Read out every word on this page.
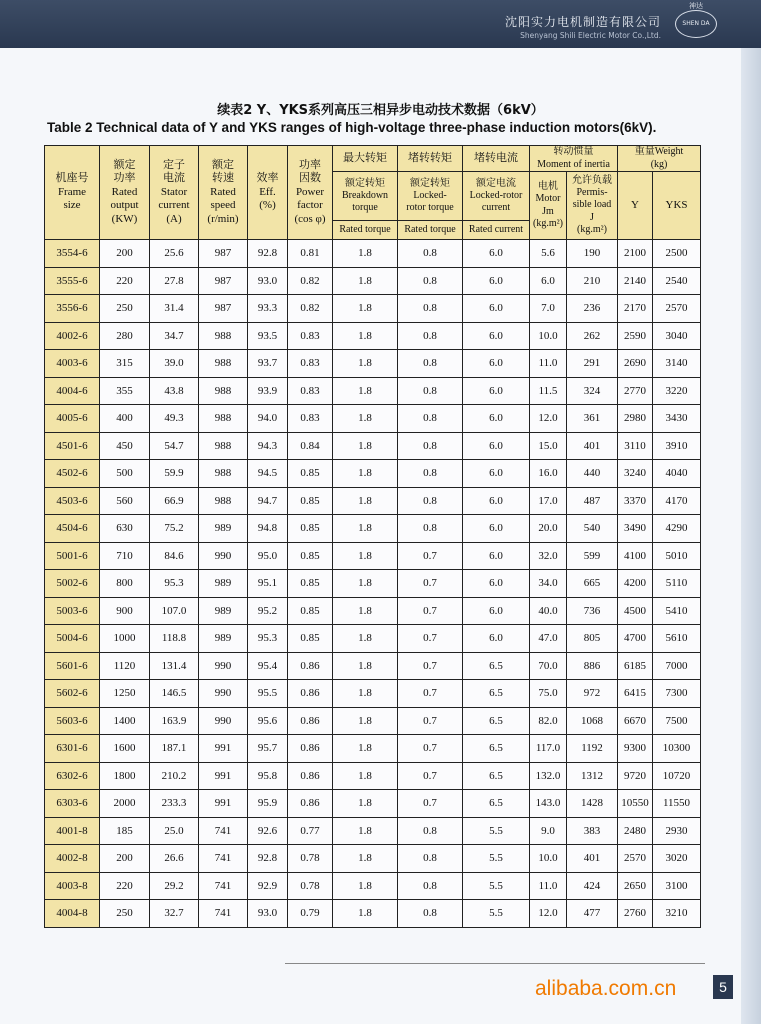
沈阳实力电机制造有限公司
Shenyang Shili Electric Motor Co.,Ltd.
神达
SHEN DA
续表2 Y、YKS系列高压三相异步电动技术数据（6kV）
Table 2 Technical data of Y and YKS ranges of high-voltage three-phase induction motors(6kV).
机座号
Frame
size	额定
功率
Rated
output
(KW)	定子
电流
Stator
current
(A)	额定
转速
Rated
speed
(r/min)	效率
Eff.
(%)	功率
因数
Power
factor
(cos φ)	最大转矩	堵转转矩	堵转电流	转动惯量
Moment of inertia		重量Weight
(kg)	
						额定转矩
Breakdown
torque	额定转矩
Locked-
rotor torque	额定电流
Locked-rotor
current	电机
Motor
Jm
(kg.m²)	允许负载
Permis-
sible load
J
(kg.m²)	Y	YKS
						Rated torque	Rated torque	Rated current				
3554-6	200	25.6	987	92.8	0.81	1.8	0.8	6.0	5.6	190	2100	2500
3555-6	220	27.8	987	93.0	0.82	1.8	0.8	6.0	6.0	210	2140	2540
3556-6	250	31.4	987	93.3	0.82	1.8	0.8	6.0	7.0	236	2170	2570
4002-6	280	34.7	988	93.5	0.83	1.8	0.8	6.0	10.0	262	2590	3040
4003-6	315	39.0	988	93.7	0.83	1.8	0.8	6.0	11.0	291	2690	3140
4004-6	355	43.8	988	93.9	0.83	1.8	0.8	6.0	11.5	324	2770	3220
4005-6	400	49.3	988	94.0	0.83	1.8	0.8	6.0	12.0	361	2980	3430
4501-6	450	54.7	988	94.3	0.84	1.8	0.8	6.0	15.0	401	3110	3910
4502-6	500	59.9	988	94.5	0.85	1.8	0.8	6.0	16.0	440	3240	4040
4503-6	560	66.9	988	94.7	0.85	1.8	0.8	6.0	17.0	487	3370	4170
4504-6	630	75.2	989	94.8	0.85	1.8	0.8	6.0	20.0	540	3490	4290
5001-6	710	84.6	990	95.0	0.85	1.8	0.7	6.0	32.0	599	4100	5010
5002-6	800	95.3	989	95.1	0.85	1.8	0.7	6.0	34.0	665	4200	5110
5003-6	900	107.0	989	95.2	0.85	1.8	0.7	6.0	40.0	736	4500	5410
5004-6	1000	118.8	989	95.3	0.85	1.8	0.7	6.0	47.0	805	4700	5610
5601-6	1120	131.4	990	95.4	0.86	1.8	0.7	6.5	70.0	886	6185	7000
5602-6	1250	146.5	990	95.5	0.86	1.8	0.7	6.5	75.0	972	6415	7300
5603-6	1400	163.9	990	95.6	0.86	1.8	0.7	6.5	82.0	1068	6670	7500
6301-6	1600	187.1	991	95.7	0.86	1.8	0.7	6.5	117.0	1192	9300	10300
6302-6	1800	210.2	991	95.8	0.86	1.8	0.7	6.5	132.0	1312	9720	10720
6303-6	2000	233.3	991	95.9	0.86	1.8	0.7	6.5	143.0	1428	10550	11550
4001-8	185	25.0	741	92.6	0.77	1.8	0.8	5.5	9.0	383	2480	2930
4002-8	200	26.6	741	92.8	0.78	1.8	0.8	5.5	10.0	401	2570	3020
4003-8	220	29.2	741	92.9	0.78	1.8	0.8	5.5	11.0	424	2650	3100
4004-8	250	32.7	741	93.0	0.79	1.8	0.8	5.5	12.0	477	2760	3210
5
alibaba.com.cn
